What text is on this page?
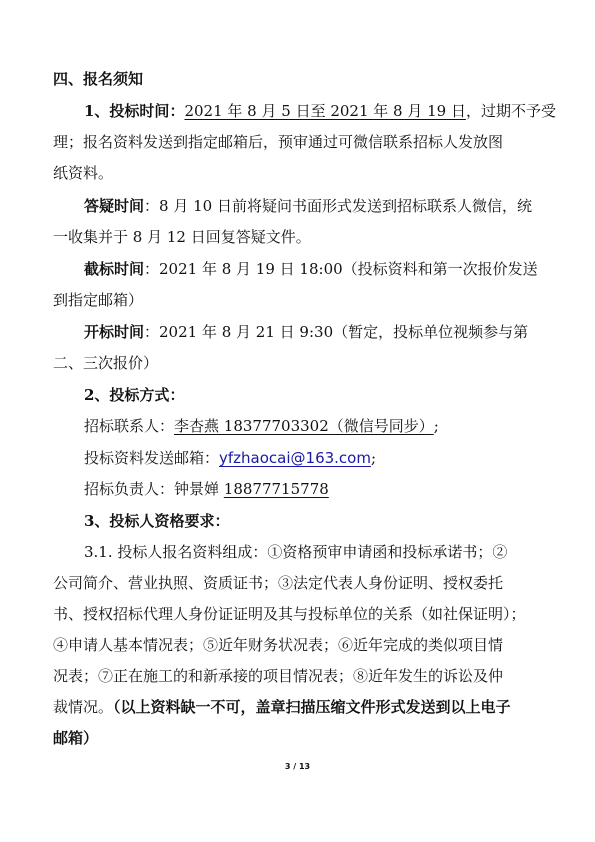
四、报名须知

1、投标时间：2021 年 8 月 5 日至 2021 年 8 月 19 日，过期不予受

理；报名资料发送到指定邮箱后，预审通过可微信联系招标人发放图

纸资料。

答疑时间：8 月 10 日前将疑问书面形式发送到招标联系人微信，统

一收集并于 8 月 12 日回复答疑文件。

截标时间：2021 年 8 月 19 日 18:00（投标资料和第一次报价发送

到指定邮箱）

开标时间：2021 年 8 月 21 日 9:30（暂定，投标单位视频参与第

二、三次报价）

2、投标方式：

招标联系人：李杏燕 18377703302（微信号同步）;

投标资料发送邮箱：yfzhaocai@163.com;

招标负责人：钟景婵 18877715778

3、投标人资格要求：

3.1. 投标人报名资料组成：①资格预审申请函和投标承诺书；②

公司简介、营业执照、资质证书；③法定代表人身份证明、授权委托

书、授权招标代理人身份证证明及其与投标单位的关系（如社保证明）；

④申请人基本情况表；⑤近年财务状况表；⑥近年完成的类似项目情

况表；⑦正在施工的和新承接的项目情况表；⑧近年发生的诉讼及仲

裁情况。（以上资料缺一不可，盖章扫描压缩文件形式发送到以上电子

邮箱）

3 / 13
